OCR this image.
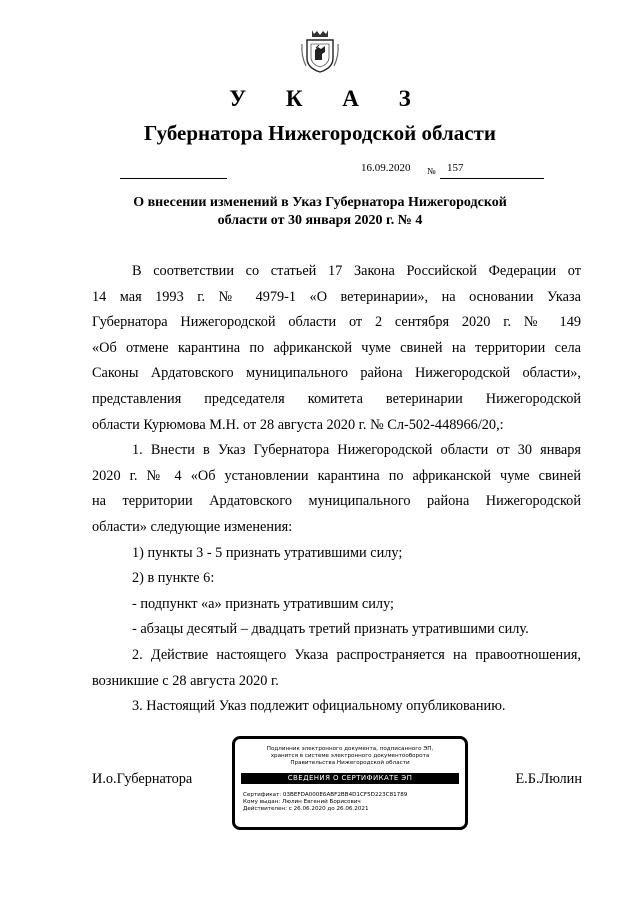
У К А З
Губернатора Нижегородской области
16.09.2020 № 157
О внесении изменений в Указ Губернатора Нижегородской
области от 30 января 2020 г. № 4

В соответствии со статьей 17 Закона Российской Федерации от

14 мая 1993 г. № 4979-1 «О ветеринарии», на основании Указа

Губернатора Нижегородской области от 2 сентября 2020 г. № 149

«Об отмене карантина по африканской чуме свиней на территории села

Саконы Ардатовского муниципального района Нижегородской области»,

представления председателя комитета ветеринарии Нижегородской

области Курюмова М.Н. от 28 августа 2020 г. № Сл-502-448966/20,:

1. Внести в Указ Губернатора Нижегородской области от 30 января

2020 г. № 4 «Об установлении карантина по африканской чуме свиней

на территории Ардатовского муниципального района Нижегородской

области» следующие изменения:

1) пункты 3 - 5 признать утратившими силу;

2) в пункте 6:

- подпункт «а» признать утратившим силу;

- абзацы десятый – двадцать третий признать утратившими силу.

2. Действие настоящего Указа распространяется на правоотношения,

возникшие с 28 августа 2020 г.

3. Настоящий Указ подлежит официальному опубликованию.

И.о.Губернатора	Е.Б.Люлин
Подлинник электронного документа, подписанного ЭП,
хранится в системе электронного документооборота
Правительства Нижегородской области
СВЕДЕНИЯ О СЕРТИФИКАТЕ ЭП
Сертификат: 03BEFDA000E6ABF2BB4D1CF5D223C81789
Кому выдан: Люлин Евгений Борисович
Действителен: с 26.06.2020 до 26.06.2021
